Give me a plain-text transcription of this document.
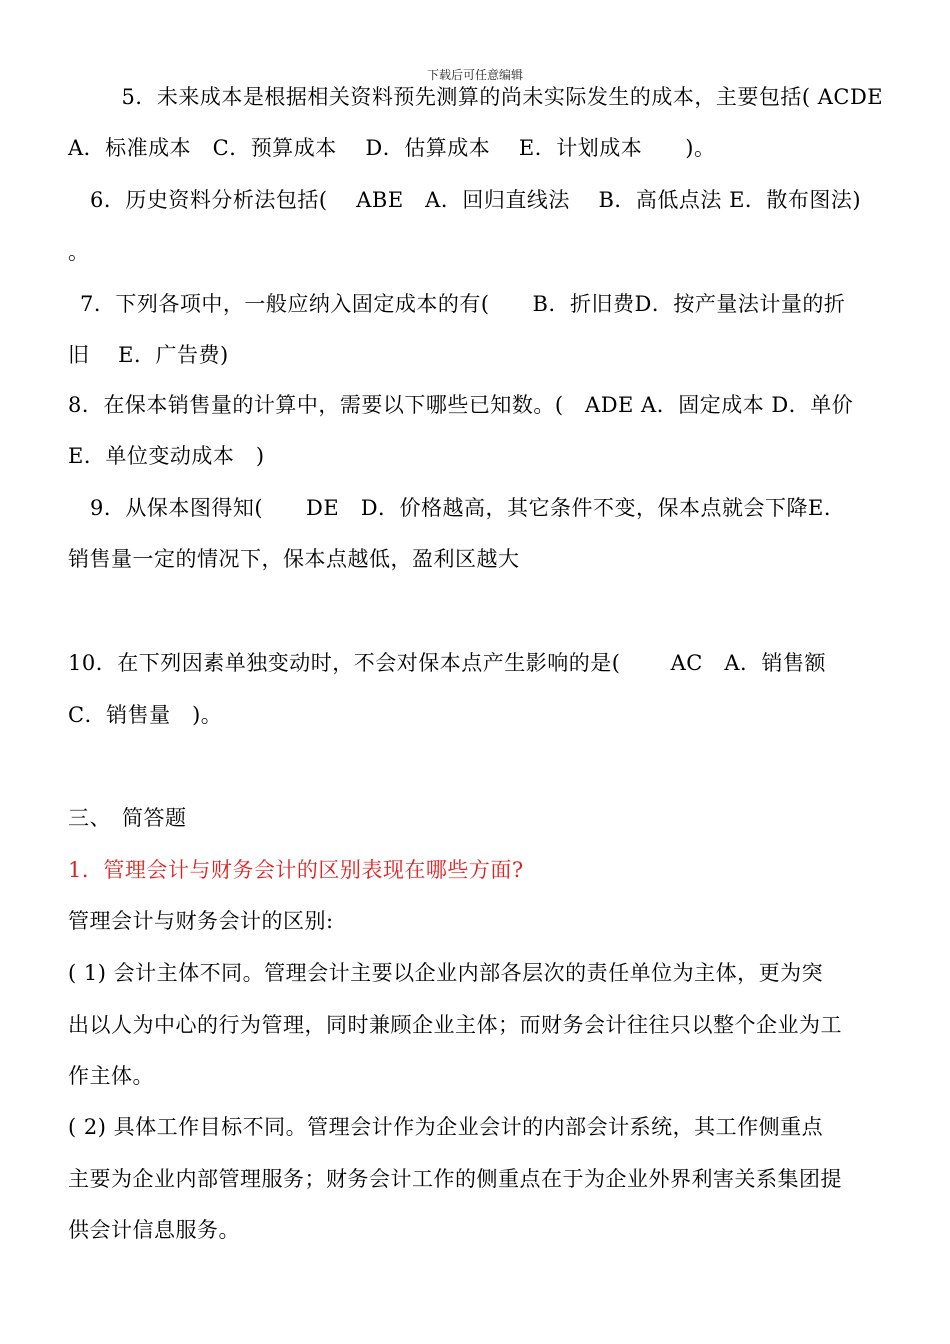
下载后可任意编辑
　5．未来成本是根据相关资料预先测算的尚未实际发生的成本，主要包括( ACDE
A．标准成本　C．预算成本　 D．估算成本　 E．计划成本　　)。
6．历史资料分析法包括(　 ABE　A．回归直线法　 B．高低点法 E．散布图法)
。
7．下列各项中，一般应纳入固定成本的有(　　B．折旧费D．按产量法计量的折
旧　 E．广告费)
8．在保本销售量的计算中，需要以下哪些已知数。(　ADE A．固定成本 D．单价
E．单位变动成本　)
9．从保本图得知(　　DE　D．价格越高，其它条件不变，保本点就会下降E．
销售量一定的情况下，保本点越低，盈利区越大
10．在下列因素单独变动时，不会对保本点产生影响的是(　　 AC　A．销售额
C．销售量　)。
三、　简答题
1．管理会计与财务会计的区别表现在哪些方面?
管理会计与财务会计的区别:
( 1) 会计主体不同。管理会计主要以企业内部各层次的责任单位为主体，更为突
出以人为中心的行为管理，同时兼顾企业主体；而财务会计往往只以整个企业为工
作主体。
( 2) 具体工作目标不同。管理会计作为企业会计的内部会计系统，其工作侧重点
主要为企业内部管理服务；财务会计工作的侧重点在于为企业外界利害关系集团提
供会计信息服务。
